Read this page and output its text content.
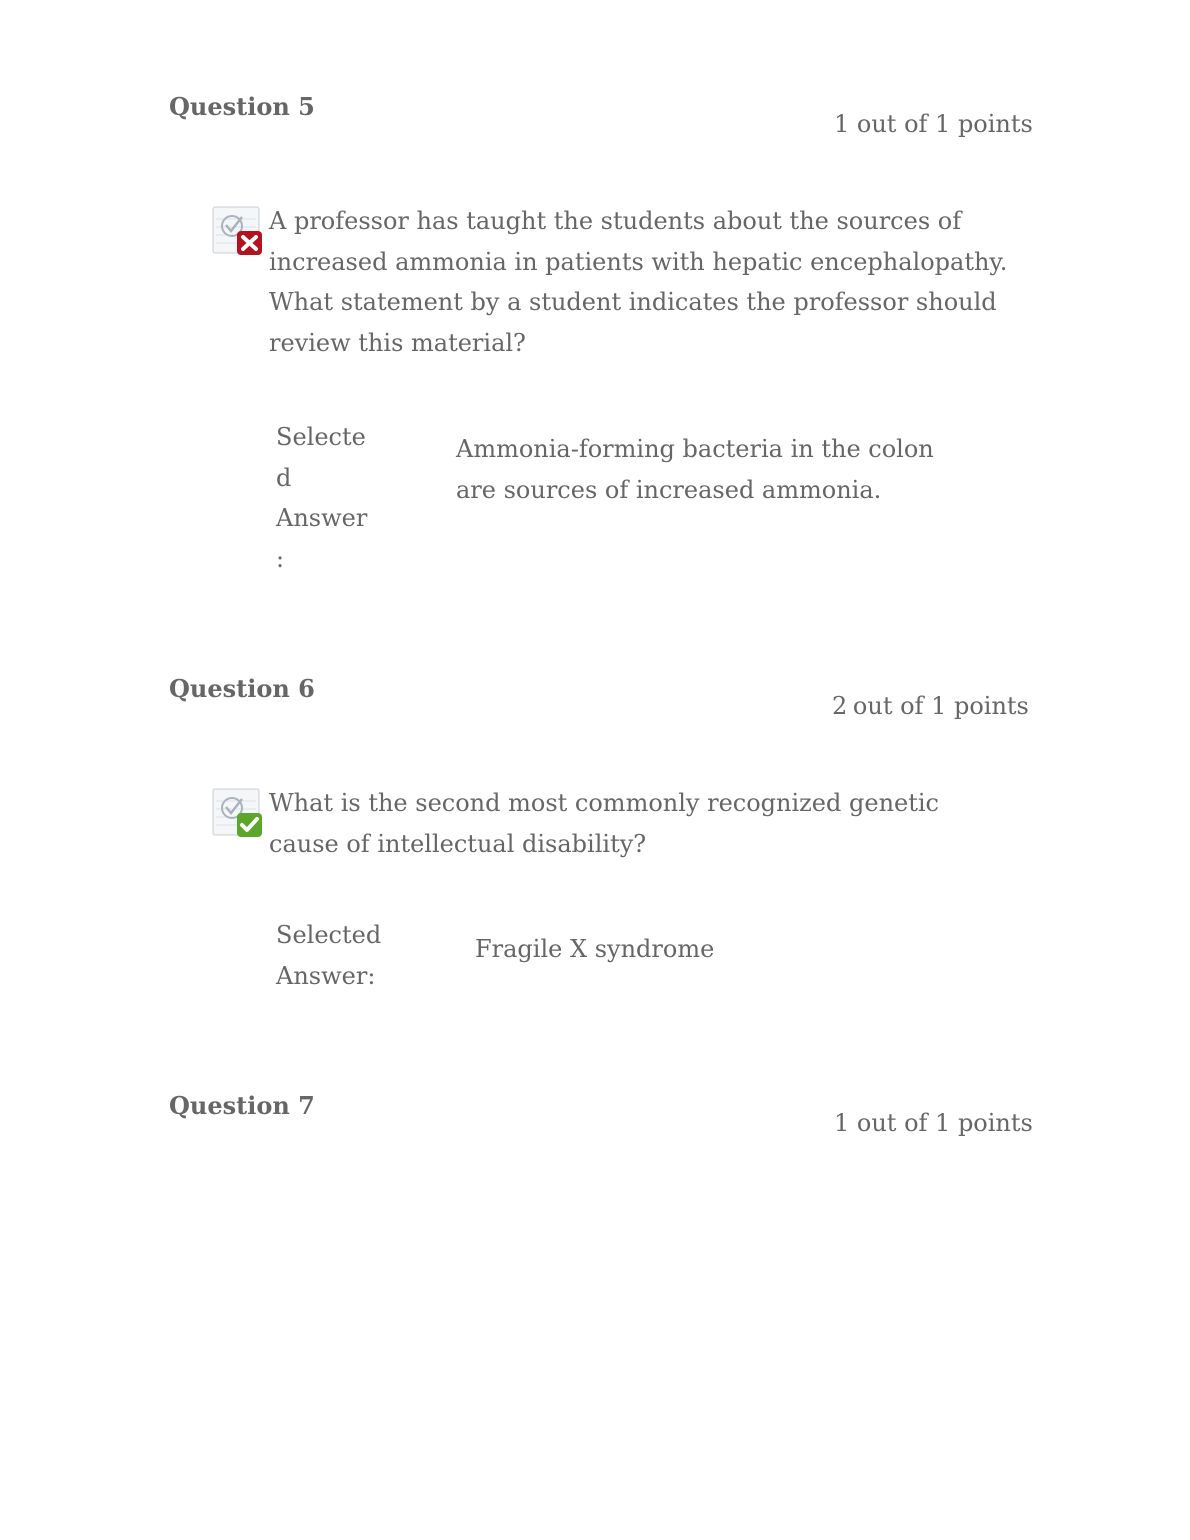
Question 5
1 out of 1 points
A professor has taught the students about the sources of increased ammonia in patients with hepatic encephalopathy. What statement by a student indicates the professor should review this material?
Selecte
d
Answer
:
Ammonia-forming bacteria in the colon are sources of increased ammonia.
Question 6
2 out of 1 points
What is the second most commonly recognized genetic cause of intellectual disability?
Selected
Answer:
Fragile X syndrome
Question 7
1 out of 1 points
